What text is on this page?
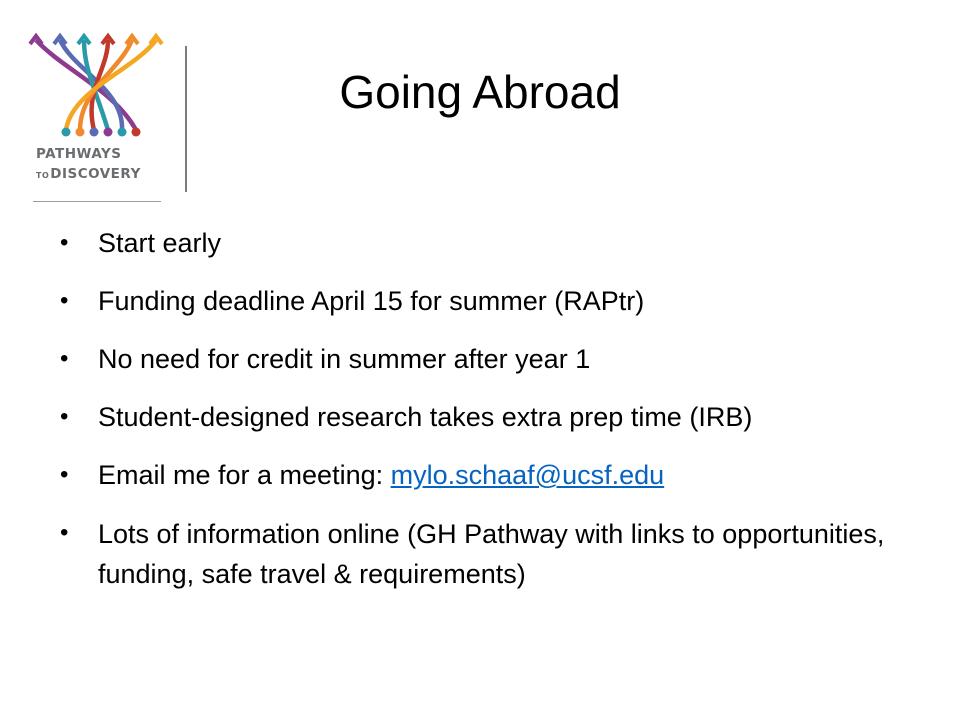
PATHWAYS
TODISCOVERY
Going Abroad
• Start early
• Funding deadline April 15 for summer (RAPtr)
• No need for credit in summer after year 1
• Student-designed research takes extra prep time (IRB)
• Email me for a meeting: mylo.schaaf@ucsf.edu
• Lots of information online (GH Pathway with links to opportunities, funding, safe travel & requirements)
